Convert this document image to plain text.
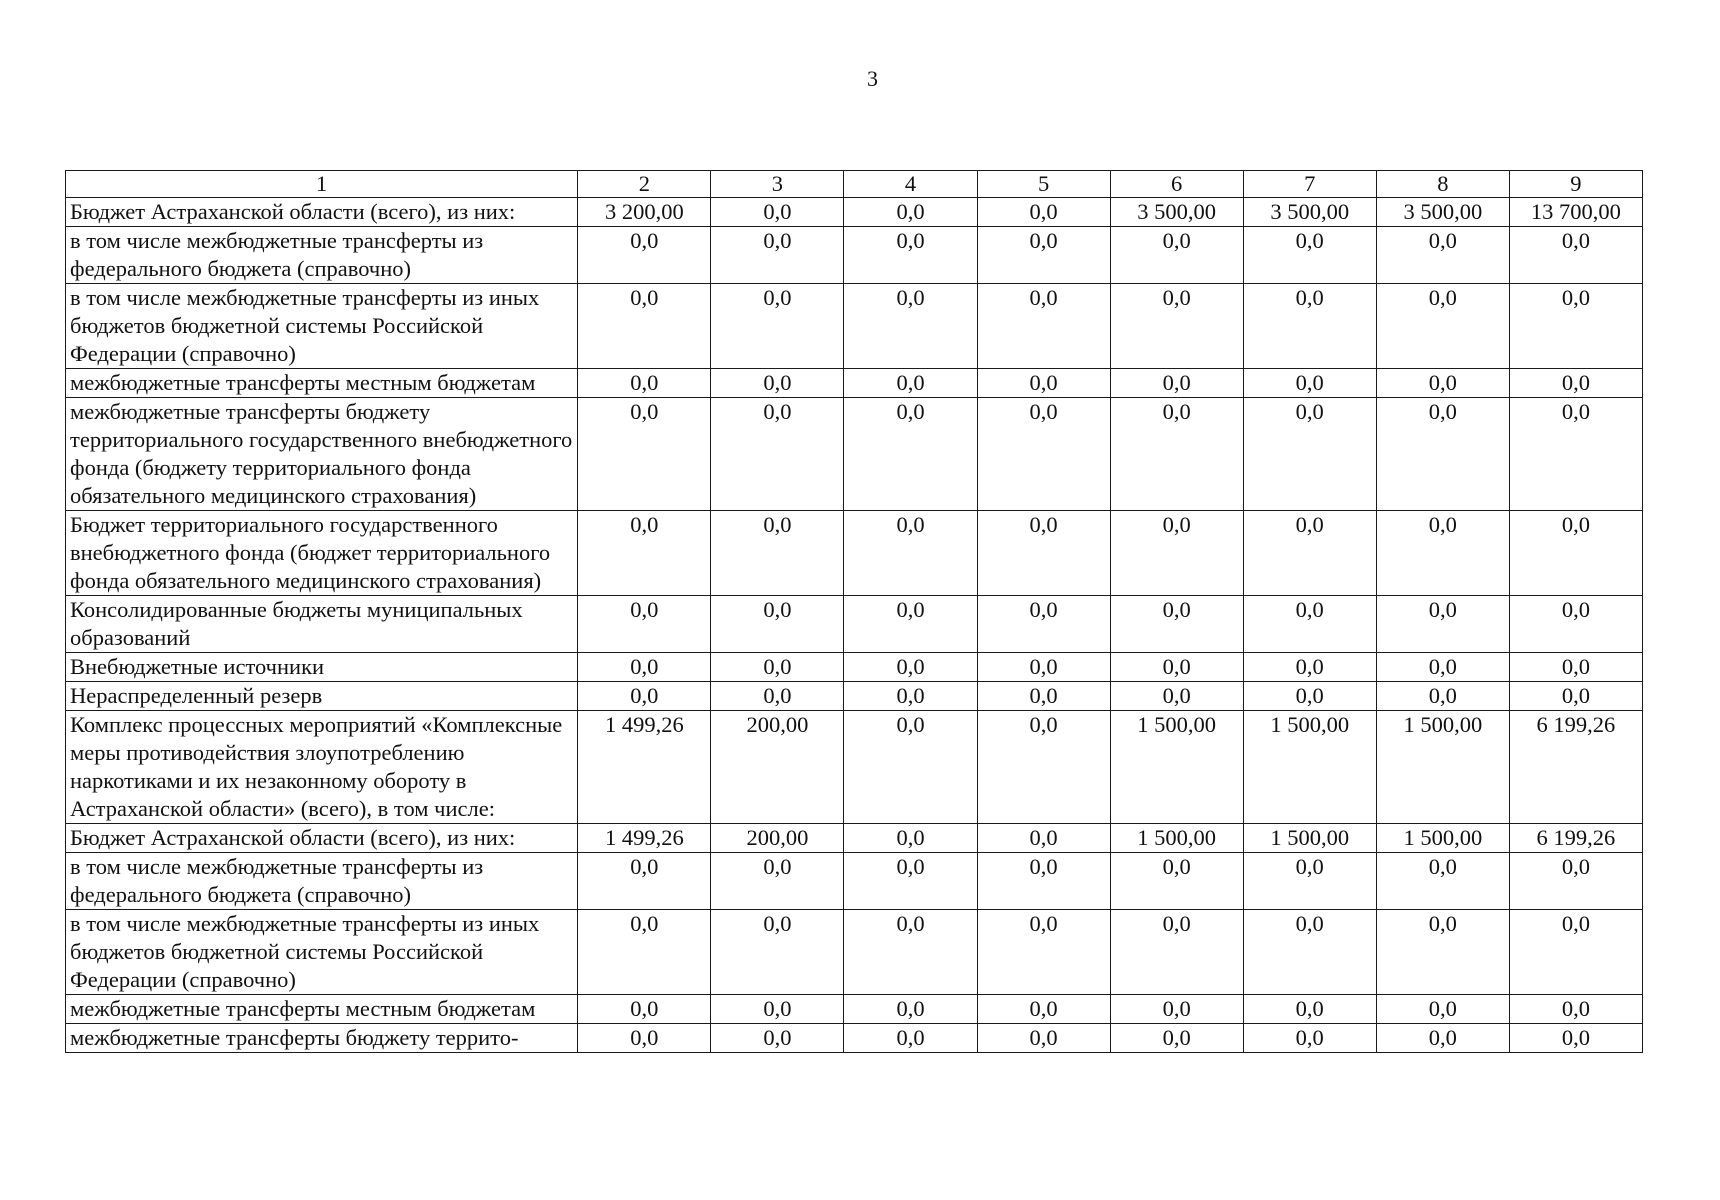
3
1	2	3	4	5	6	7	8	9
Бюджет Астраханской области (всего), из них:	3 200,00	0,0	0,0	0,0	3 500,00	3 500,00	3 500,00	13 700,00
в том числе межбюджетные трансферты из федерального бюджета (справочно)	0,0	0,0	0,0	0,0	0,0	0,0	0,0	0,0
в том числе межбюджетные трансферты из иных бюджетов бюджетной системы Российской Федерации (справочно)	0,0	0,0	0,0	0,0	0,0	0,0	0,0	0,0
межбюджетные трансферты местным бюджетам	0,0	0,0	0,0	0,0	0,0	0,0	0,0	0,0
межбюджетные трансферты бюджету территориального государственного внебюджетного фонда (бюджету территориального фонда обязательного медицинского страхования)	0,0	0,0	0,0	0,0	0,0	0,0	0,0	0,0
Бюджет территориального государственного внебюджетного фонда (бюджет территориального фонда обязательного медицинского страхования)	0,0	0,0	0,0	0,0	0,0	0,0	0,0	0,0
Консолидированные бюджеты муниципальных образований	0,0	0,0	0,0	0,0	0,0	0,0	0,0	0,0
Внебюджетные источники	0,0	0,0	0,0	0,0	0,0	0,0	0,0	0,0
Нераспределенный резерв	0,0	0,0	0,0	0,0	0,0	0,0	0,0	0,0
Комплекс процессных мероприятий «Комплексные меры противодействия злоупотреблению наркотиками и их незаконному обороту в Астраханской области» (всего), в том числе:	1 499,26	200,00	0,0	0,0	1 500,00	1 500,00	1 500,00	6 199,26
Бюджет Астраханской области (всего), из них:	1 499,26	200,00	0,0	0,0	1 500,00	1 500,00	1 500,00	6 199,26
в том числе межбюджетные трансферты из федерального бюджета (справочно)	0,0	0,0	0,0	0,0	0,0	0,0	0,0	0,0
в том числе межбюджетные трансферты из иных бюджетов бюджетной системы Российской Федерации (справочно)	0,0	0,0	0,0	0,0	0,0	0,0	0,0	0,0
межбюджетные трансферты местным бюджетам	0,0	0,0	0,0	0,0	0,0	0,0	0,0	0,0
межбюджетные трансферты бюджету террито-	0,0	0,0	0,0	0,0	0,0	0,0	0,0	0,0
